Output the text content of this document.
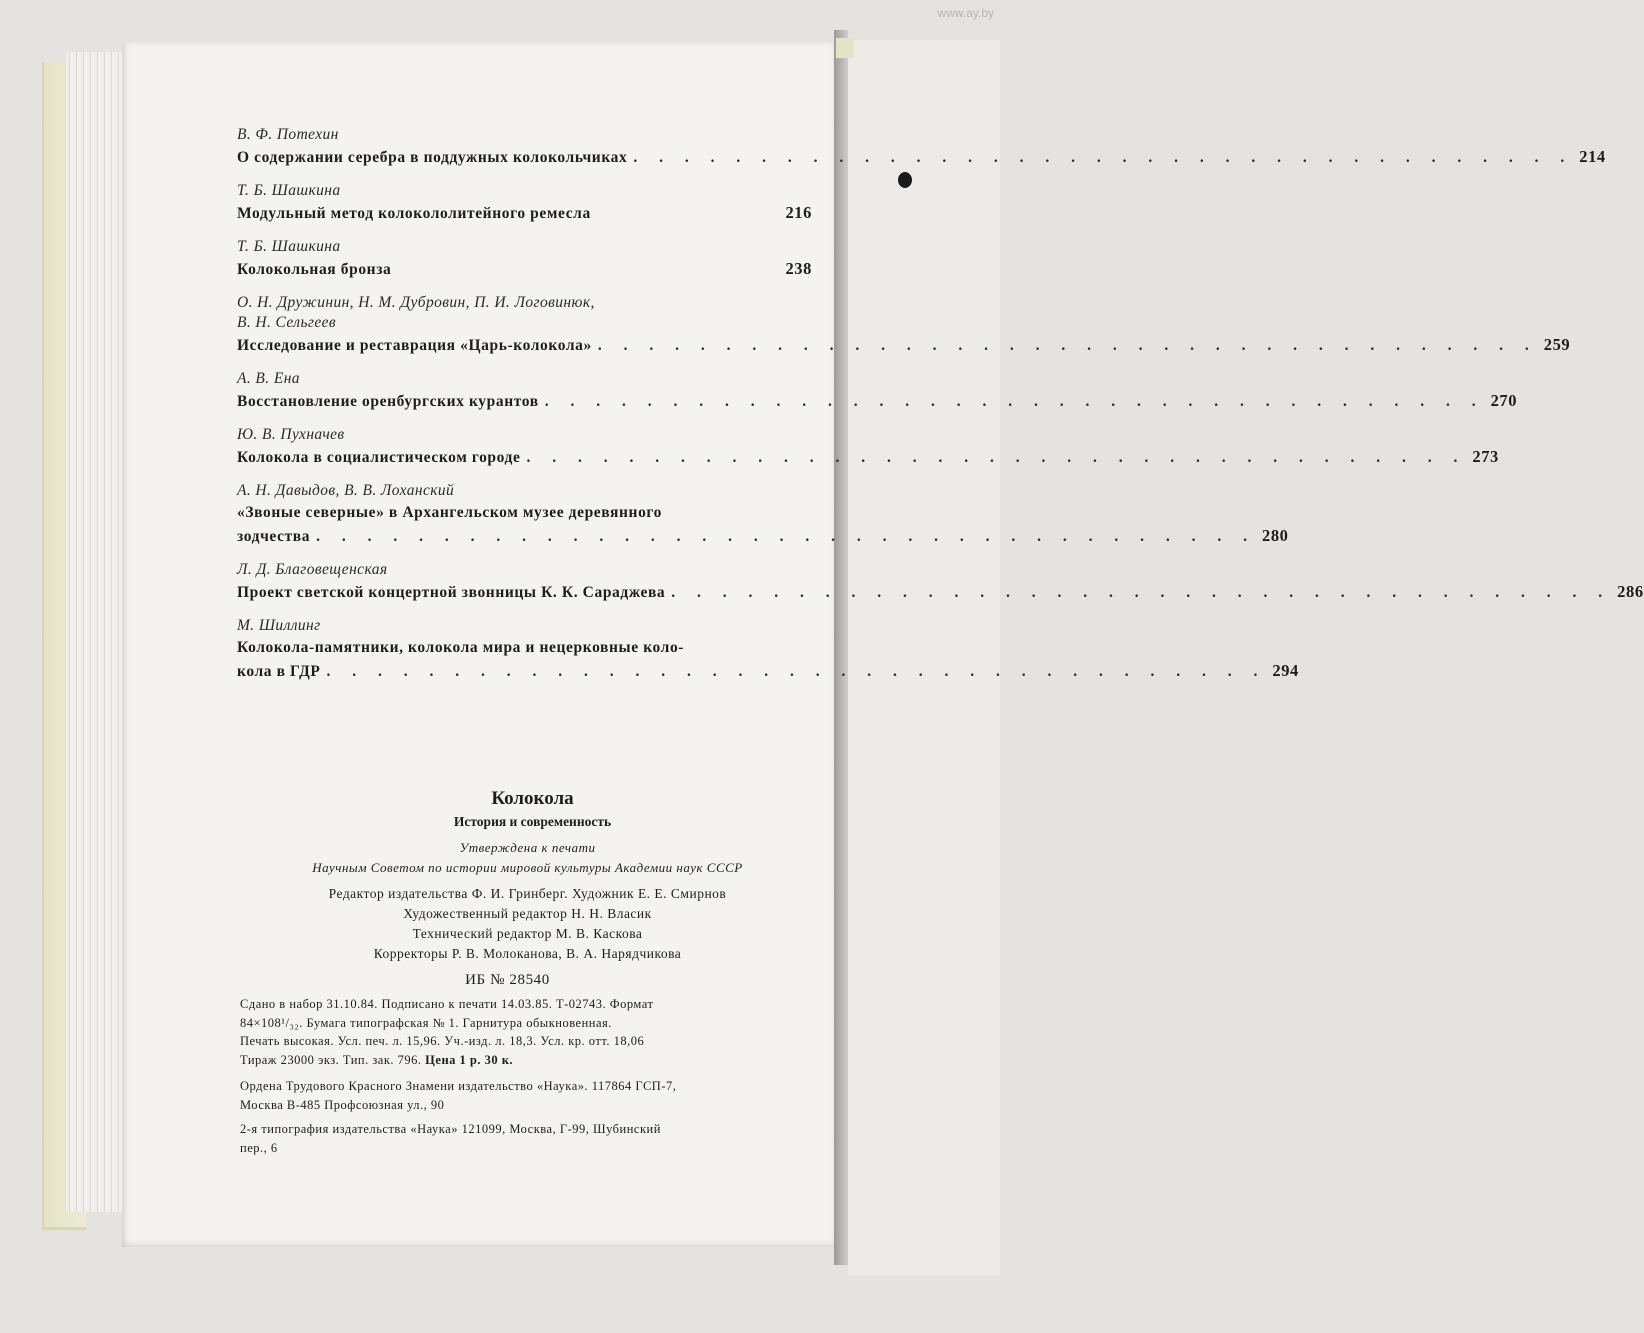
www.ay.by
В. Ф. Потехин
О содержании серебра в поддужных колокольчиках . . . . . . . . . . . . . . . . . . . . . . . . . . . . . . . . . . . . . 214
Т. Б. Шашкина
Модульный метод колокололитейного ремесла	216
Т. Б. Шашкина
Колокольная бронза	238
О. Н. Дружинин, Н. М. Дубровин, П. И. Логовинюк,
В. Н. Сельгеев
Исследование и реставрация «Царь-колокола» . . . . . . . . . . . . . . . . . . . . . . . . . . . . . . . . . . . . . 259
А. В. Ена
Восстановление оренбургских курантов . . . . . . . . . . . . . . . . . . . . . . . . . . . . . . . . . . . . . 270
Ю. В. Пухначев
Колокола в социалистическом городе . . . . . . . . . . . . . . . . . . . . . . . . . . . . . . . . . . . . . 273
А. Н. Давыдов, В. В. Лоханский
«Звоные северные» в Архангельском музее деревянного
зодчества . . . . . . . . . . . . . . . . . . . . . . . . . . . . . . . . . . . . . 280
Л. Д. Благовещенская
Проект светской концертной звонницы К. К. Сараджева . . . . . . . . . . . . . . . . . . . . . . . . . . . . . . . . . . . . . 286
М. Шиллинг
Колокола-памятники, колокола мира и нецерковные коло-
кола в ГДР . . . . . . . . . . . . . . . . . . . . . . . . . . . . . . . . . . . . . 294
Колокола
История и современность
Утверждена к печати
Научным Советом по истории мировой культуры Академии наук СССР
Редактор издательства Ф. И. Гринберг. Художник Е. Е. Смирнов
Художественный редактор Н. Н. Власик
Технический редактор М. В. Каскова
Корректоры Р. В. Молоканова, В. А. Нарядчикова
ИБ № 28540
Сдано в набор 31.10.84. Подписано к печати 14.03.85. Т-02743. Формат
84×108¹/₃₂. Бумага типографская № 1. Гарнитура обыкновенная.
Печать высокая. Усл. печ. л. 15,96. Уч.-изд. л. 18,3. Усл. кр. отт. 18,06
Тираж 23000 экз. Тип. зак. 796. Цена 1 р. 30 к.
Ордена Трудового Красного Знамени издательство «Наука». 117864 ГСП-7,
Москва В-485 Профсоюзная ул., 90
2-я типография издательства «Наука» 121099, Москва, Г-99, Шубинский
пер., 6
